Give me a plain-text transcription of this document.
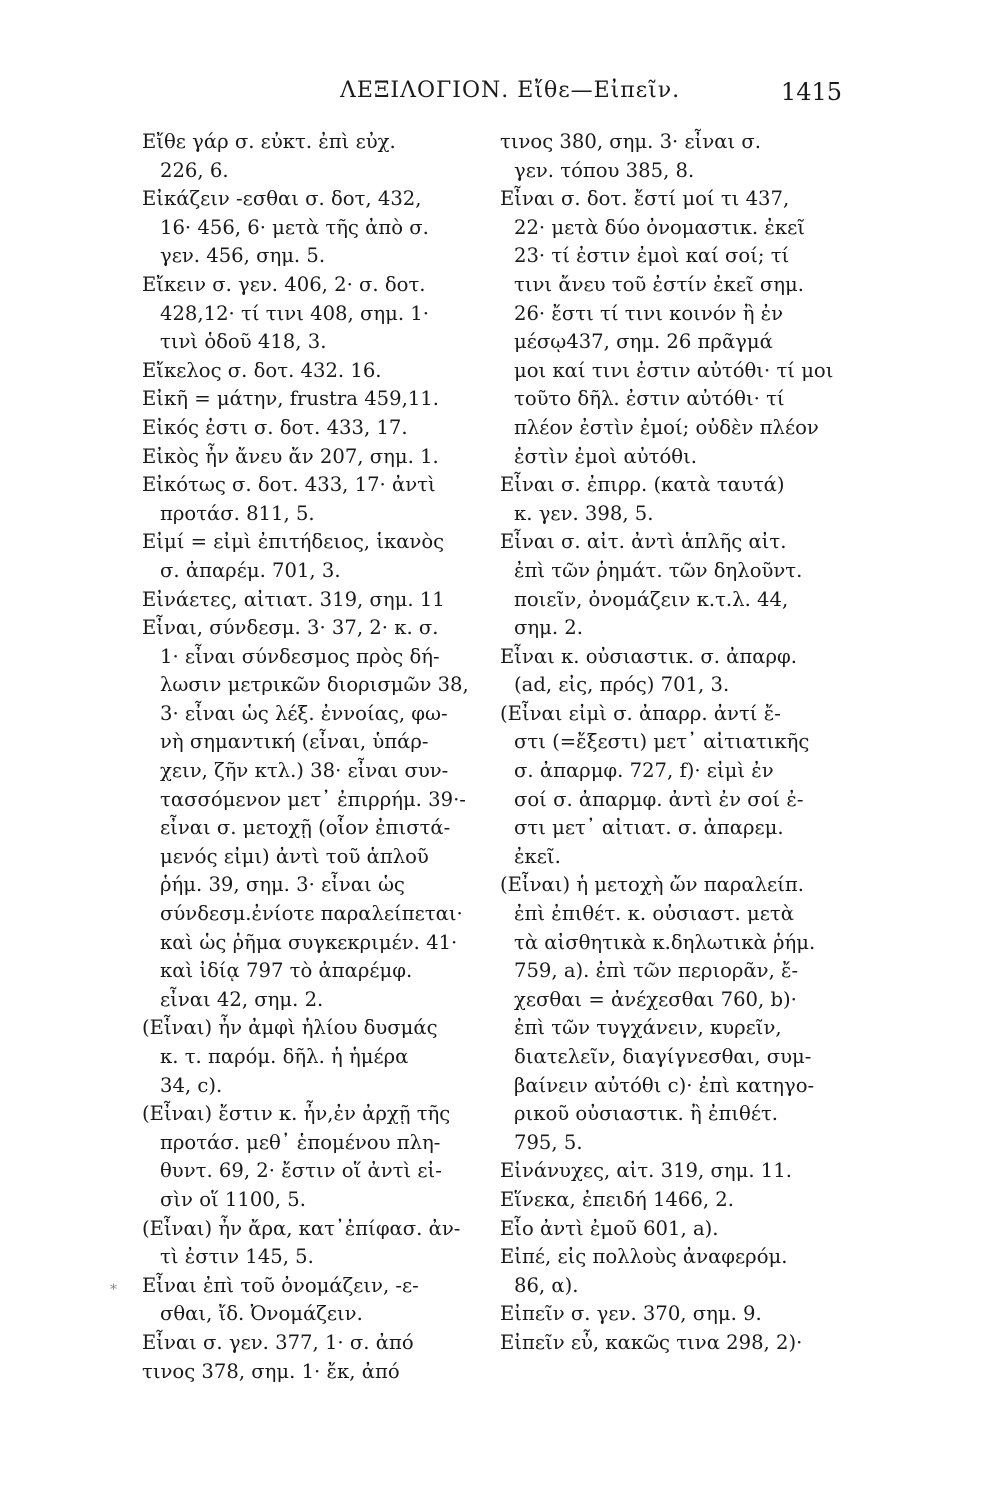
ΛΕΞΙΛΟΓΙΟΝ. Εἴθε—Εἰπεῖν.	1415
Εἴθε γάρ σ. εὐκτ. ἐπὶ εὐχ.
226, 6.
Εἰκάζειν -εσθαι σ. δοτ, 432,
16· 456, 6· μετὰ τῆς ἀπὸ σ.
γεν. 456, σημ. 5.
Εἴκειν σ. γεν. 406, 2· σ. δοτ.
428,12· τί τινι 408, σημ. 1·
τινὶ ὁδοῦ 418, 3.
Εἴκελος σ. δοτ. 432. 16.
Εἰκῆ = μάτην, frustra 459,11.
Εἰκός ἐστι σ. δοτ. 433, 17.
Εἰκὸς ἦν ἄνευ ἄν 207, σημ. 1.
Εἰκότως σ. δοτ. 433, 17· ἀντὶ
προτάσ. 811, 5.
Εἰμί = εἰμὶ ἐπιτήδειος, ἱκανὸς
σ. ἀπαρέμ. 701, 3.
Εἰνάετες, αἰτιατ. 319, σημ. 11
Εἶναι, σύνδεσμ. 3· 37, 2· κ. σ.
1· εἶναι σύνδεσμος πρὸς δή-
λωσιν μετρικῶν διορισμῶν 38,
3· εἶναι ὡς λέξ. ἐννοίας, φω-
νὴ σημαντική (εἶναι, ὑπάρ-
χειν, ζῆν κτλ.) 38· εἶναι συν-
τασσόμενον μετ᾽ ἐπιρρήμ. 39·-
εἶναι σ. μετοχῇ (οἷον ἐπιστά-
μενός εἰμι) ἀντὶ τοῦ ἁπλοῦ
ῥήμ. 39, σημ. 3· εἶναι ὡς
σύνδεσμ.ἐνίοτε παραλείπεται·
καὶ ὡς ῥῆμα συγκεκριμέν. 41·
καὶ ἰδίᾳ 797 τὸ ἀπαρέμφ.
εἶναι 42, σημ. 2.
(Εἶναι) ἦν ἀμφὶ ἡλίου δυσμάς
κ. τ. παρόμ. δῆλ. ἡ ἡμέρα
34, c).
(Εἶναι) ἔστιν κ. ἦν,ἐν ἀρχῇ τῆς
προτάσ. μεθ᾽ ἑπομένου πλη-
θυντ. 69, 2· ἔστιν οἵ ἀντὶ εἰ-
σὶν οἵ 1100, 5.
(Εἶναι) ἦν ἄρα, κατ᾽ἐπίφασ. ἀν-
τὶ ἐστιν 145, 5.
Εἶναι ἐπὶ τοῦ ὀνομάζειν, -ε-
σθαι, ἴδ. Ὀνομάζειν.
Εἶναι σ. γεν. 377, 1· σ. ἀπό
τινος 378, σημ. 1· ἔκ, ἀπό
τινος 380, σημ. 3· εἶναι σ.
γεν. τόπου 385, 8.
Εἶναι σ. δοτ. ἔστί μοί τι 437,
22· μετὰ δύο ὀνομαστικ. ἐκεῖ
23· τί ἐστιν ἐμοὶ καί σοί; τί
τινι ἄνευ τοῦ ἐστίν ἐκεῖ σημ.
26· ἔστι τί τινι κοινόν ἢ ἐν
μέσῳ437, σημ. 26 πρᾶγμά
μοι καί τινι ἐστιν αὐτόθι· τί μοι
τοῦτο δῆλ. ἐστιν αὐτόθι· τί
πλέον ἐστὶν ἐμοί; οὐδὲν πλέον
ἐστὶν ἐμοὶ αὐτόθι.
Εἶναι σ. ἐπιρρ. (κατὰ ταυτά)
κ. γεν. 398, 5.
Εἶναι σ. αἰτ. ἀντὶ ἁπλῆς αἰτ.
ἐπὶ τῶν ῥημάτ. τῶν δηλοῦντ.
ποιεῖν, ὀνομάζειν κ.τ.λ. 44,
σημ. 2.
Εἶναι κ. οὐσιαστικ. σ. ἀπαρφ.
(ad, εἰς, πρός) 701, 3.
(Εἶναι εἰμὶ σ. ἀπαρρ. ἀντί ἔ-
στι (=ἔξεστι) μετ᾽ αἰτιατικῆς
σ. ἀπαρμφ. 727, f)· εἰμὶ ἐν
σοί σ. ἀπαρμφ. ἀντὶ ἐν σοί ἐ-
στι μετ᾽ αἰτιατ. σ. ἀπαρεμ.
ἐκεῖ.
(Εἶναι) ἡ μετοχὴ ὤν παραλείπ.
ἐπὶ ἐπιθέτ. κ. οὐσιαστ. μετὰ
τὰ αἰσθητικὰ κ.δηλωτικὰ ῥήμ.
759, a). ἐπὶ τῶν περιορᾶν, ἔ-
χεσθαι = ἀνέχεσθαι 760, b)·
ἐπὶ τῶν τυγχάνειν, κυρεῖν,
διατελεῖν, διαγίγνεσθαι, συμ-
βαίνειν αὐτόθι c)· ἐπὶ κατηγο-
ρικοῦ οὐσιαστικ. ἢ ἐπιθέτ.
795, 5.
Εἰνάνυχες, αἰτ. 319, σημ. 11.
Εἵνεκα, ἐπειδή 1466, 2.
Εἷο ἀντὶ ἐμοῦ 601, a).
Εἰπέ, εἰς πολλοὺς ἀναφερόμ.
86, α).
Εἰπεῖν σ. γεν. 370, σημ. 9.
Εἰπεῖν εὖ, κακῶς τινα 298, 2)·
*
